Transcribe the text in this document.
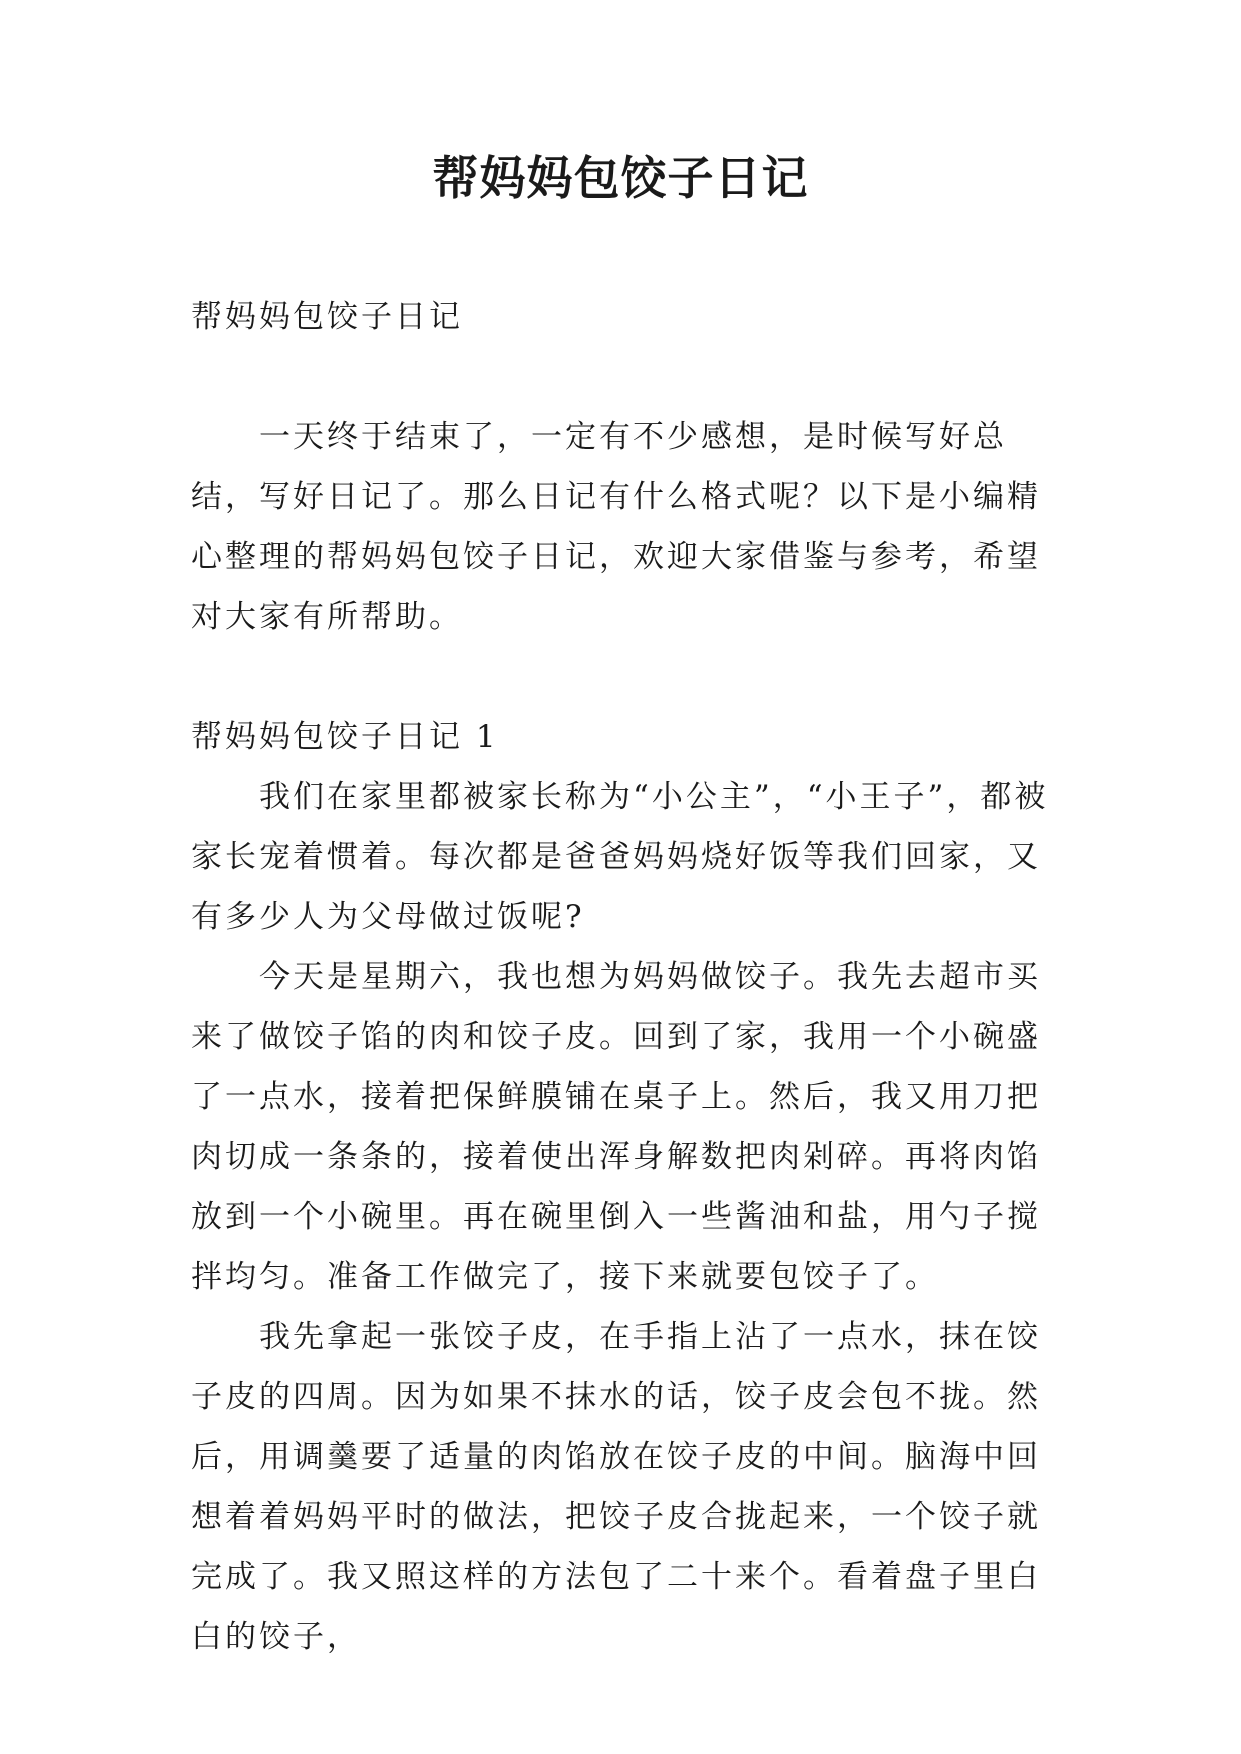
帮妈妈包饺子日记

帮妈妈包饺子日记

一天终于结束了，一定有不少感想，是时候写好总结，写好日记了。那么日记有什么格式呢？以下是小编精心整理的帮妈妈包饺子日记，欢迎大家借鉴与参考，希望对大家有所帮助。

帮妈妈包饺子日记 1

我们在家里都被家长称为“小公主”，“小王子”，都被家长宠着惯着。每次都是爸爸妈妈烧好饭等我们回家，又有多少人为父母做过饭呢?

今天是星期六，我也想为妈妈做饺子。我先去超市买来了做饺子馅的肉和饺子皮。回到了家，我用一个小碗盛了一点水，接着把保鲜膜铺在桌子上。然后，我又用刀把肉切成一条条的，接着使出浑身解数把肉剁碎。再将肉馅放到一个小碗里。再在碗里倒入一些酱油和盐，用勺子搅拌均匀。准备工作做完了，接下来就要包饺子了。

我先拿起一张饺子皮，在手指上沾了一点水，抹在饺子皮的四周。因为如果不抹水的话，饺子皮会包不拢。然后，用调羹要了适量的肉馅放在饺子皮的中间。脑海中回想着着妈妈平时的做法，把饺子皮合拢起来，一个饺子就完成了。我又照这样的方法包了二十来个。看着盘子里白白的饺子，
